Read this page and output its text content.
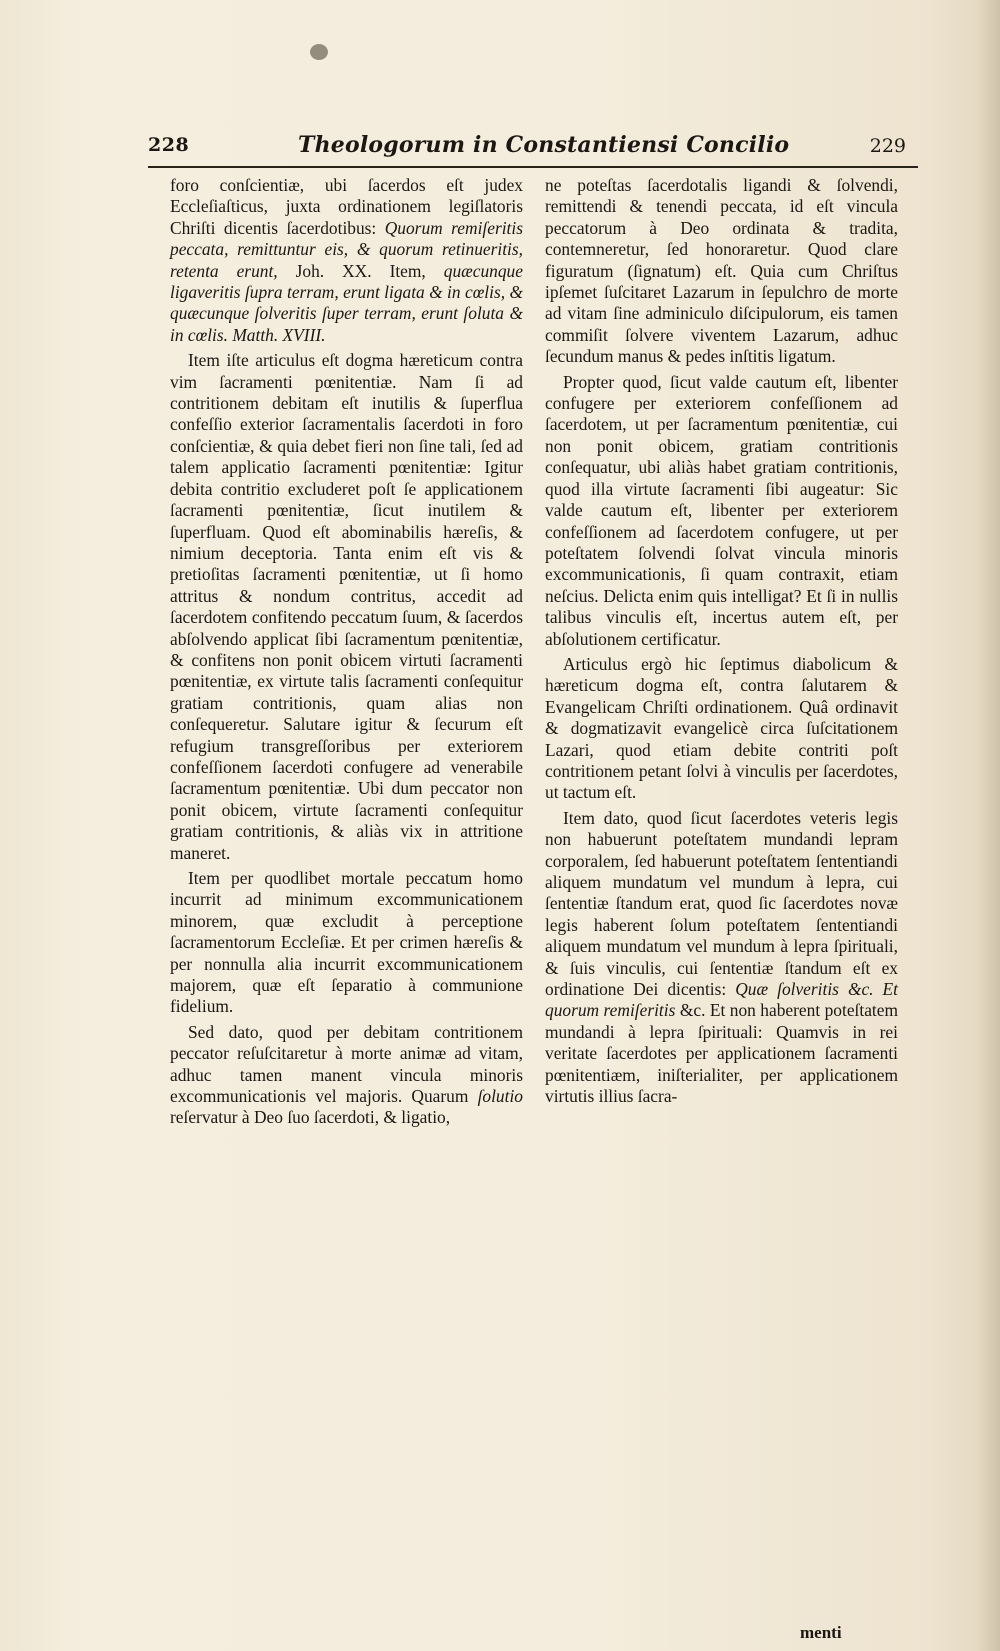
228	Theologorum in Constantiensi Concilio	229

foro conſcientiæ, ubi ſacerdos eſt judex Eccleſiaſticus, juxta ordinationem legiſlatoris Chriſti dicentis ſacerdotibus: Quorum remiſeritis peccata, remittuntur eis, & quorum retinueritis, retenta erunt, Joh. XX. Item, quæcunque ligaveritis ſupra terram, erunt ligata & in cœlis, & quæcunque ſolveritis ſuper terram, erunt ſoluta & in cœlis. Matth. XVIII.

Item iſte articulus eſt dogma hæreticum contra vim ſacramenti pœnitentiæ. Nam ſi ad contritionem debitam eſt inutilis & ſuperflua confeſſio exterior ſacramentalis ſacerdoti in foro conſcientiæ, & quia debet fieri non ſine tali, ſed ad talem applicatio ſacramenti pœnitentiæ: Igitur debita contritio excluderet poſt ſe applicationem ſacramenti pœnitentiæ, ſicut inutilem & ſuperfluam. Quod eſt abominabilis hæreſis, & nimium deceptoria. Tanta enim eſt vis & pretioſitas ſacramenti pœnitentiæ, ut ſi homo attritus & nondum contritus, accedit ad ſacerdotem confitendo peccatum ſuum, & ſacerdos abſolvendo applicat ſibi ſacramentum pœnitentiæ, & confitens non ponit obicem virtuti ſacramenti pœnitentiæ, ex virtute talis ſacramenti conſequitur gratiam contritionis, quam alias non conſequeretur. Salutare igitur & ſecurum eſt refugium transgreſſoribus per exteriorem confeſſionem ſacerdoti confugere ad venerabile ſacramentum pœnitentiæ. Ubi dum peccator non ponit obicem, virtute ſacramenti conſequitur gratiam contritionis, & aliàs vix in attritione maneret.

Item per quodlibet mortale peccatum homo incurrit ad minimum excommunicationem minorem, quæ excludit à perceptione ſacramentorum Eccleſiæ. Et per crimen hæreſis & per nonnulla alia incurrit excommunicationem majorem, quæ eſt ſeparatio à communione fidelium.

Sed dato, quod per debitam contritionem peccator reſuſcitaretur à morte animæ ad vitam, adhuc tamen manent vincula minoris excommunicationis vel majoris. Quarum ſolutio reſervatur à Deo ſuo ſacerdoti, & ligatio,

ne poteſtas ſacerdotalis ligandi & ſolvendi, remittendi & tenendi peccata, id eſt vincula peccatorum à Deo ordinata & tradita, contemneretur, ſed honoraretur. Quod clare figuratum (ſignatum) eſt. Quia cum Chriſtus ipſemet ſuſcitaret Lazarum in ſepulchro de morte ad vitam ſine adminiculo diſcipulorum, eis tamen commiſit ſolvere viventem Lazarum, adhuc ſecundum manus & pedes inſtitis ligatum.

Propter quod, ſicut valde cautum eſt, libenter confugere per exteriorem confeſſionem ad ſacerdotem, ut per ſacramentum pœnitentiæ, cui non ponit obicem, gratiam contritionis conſequatur, ubi aliàs habet gratiam contritionis, quod illa virtute ſacramenti ſibi augeatur: Sic valde cautum eſt, libenter per exteriorem confeſſionem ad ſacerdotem confugere, ut per poteſtatem ſolvendi ſolvat vincula minoris excommunicationis, ſi quam contraxit, etiam neſcius. Delicta enim quis intelligat? Et ſi in nullis talibus vinculis eſt, incertus autem eſt, per abſolutionem certificatur.

Articulus ergò hic ſeptimus diabolicum & hæreticum dogma eſt, contra ſalutarem & Evangelicam Chriſti ordinationem. Quâ ordinavit & dogmatizavit evangelicè circa ſuſcitationem Lazari, quod etiam debite contriti poſt contritionem petant ſolvi à vinculis per ſacerdotes, ut tactum eſt.

Item dato, quod ſicut ſacerdotes veteris legis non habuerunt poteſtatem mundandi lepram corporalem, ſed habuerunt poteſtatem ſententiandi aliquem mundatum vel mundum à lepra, cui ſententiæ ſtandum erat, quod ſic ſacerdotes novæ legis haberent ſolum poteſtatem ſententiandi aliquem mundatum vel mundum à lepra ſpirituali, & ſuis vinculis, cui ſententiæ ſtandum eſt ex ordinatione Dei dicentis: Quæ ſolveritis &c. Et quorum remiſeritis &c. Et non haberent poteſtatem mundandi à lepra ſpirituali: Quamvis in rei veritate ſacerdotes per applicationem ſacramenti pœnitentiæm, iniſterialiter, per applicationem virtutis illius ſacra-

menti
